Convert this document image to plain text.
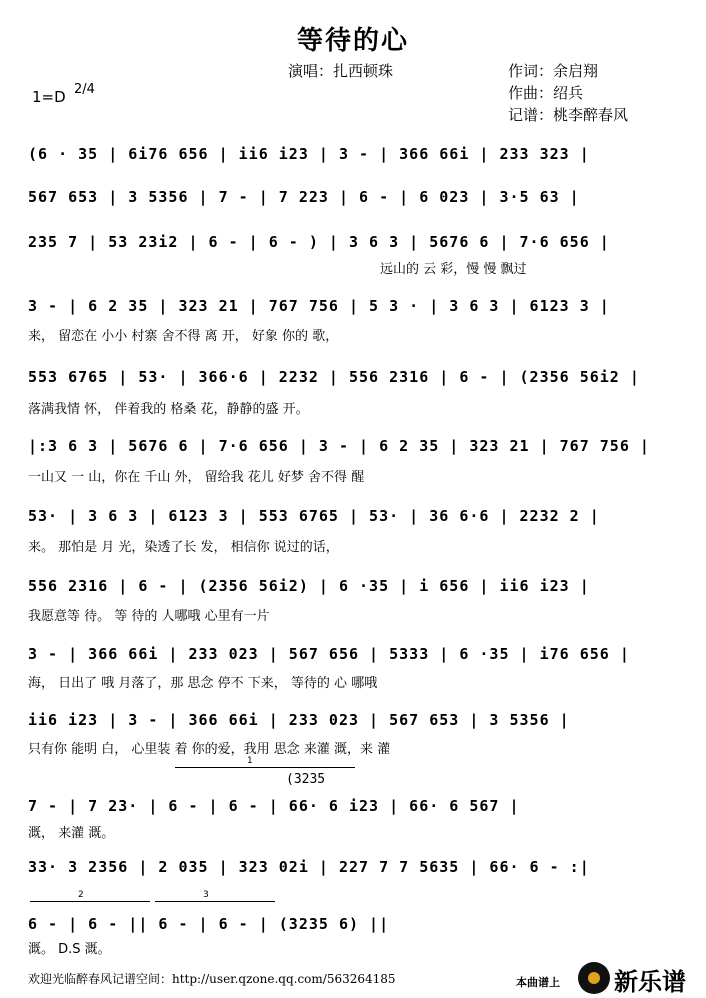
等待的心
演唱：扎西顿珠	作词：余启翔
作曲：绍兵
记谱：桃李醉春风
1=D 2/4
(6 · 35 | 6i76 656 | ii6 i23 | 3 - | 366 66i | 233 323 |
567 653 | 3 5356 | 7 - | 7 223 | 6 - | 6 023 | 3·5 63 |
235 7 | 53 23i2 | 6 - | 6 - ) | 3 6 3 | 5676 6 | 7·6 656 |
远山的 云 彩，慢 慢 飘过
3 - | 6 2 35 | 323 21 | 767 756 | 5 3 · | 3 6 3 | 6123 3 |
来， 留恋在 小小 村寨 舍不得 离 开， 好象 你的 歌，
553 6765 | 53· | 366·6 | 2232 | 556 2316 | 6 - | (2356 56i2 |
落满我情 怀， 伴着我的 格桑 花，静静的盛 开。
|:3 6 3 | 5676 6 | 7·6 656 | 3 - | 6 2 35 | 323 21 | 767 756 |
一山又 一 山，你在 千山 外， 留给我 花儿 好梦 舍不得 醒
53· | 3 6 3 | 6123 3 | 553 6765 | 53· | 36 6·6 | 2232 2 |
来。 那怕是 月 光，染透了长 发， 相信你 说过的话，
556 2316 | 6 - | (2356 56i2) | 6 ·35 | i 656 | ii6 i23 |
我愿意等 待。 等 待的 人哪哦 心里有一片
3 - | 366 66i | 233 023 | 567 656 | 5333 | 6 ·35 | i76 656 |
海， 日出了 哦 月落了，那 思念 停不 下来， 等待的 心 哪哦
ii6 i23 | 3 - | 366 66i | 233 023 | 567 653 | 3 5356 |
只有你 能明 白， 心里装 着 你的爱，我用 思念 来灌 溉，来 灌
1
(3235
7 - | 7 23· | 6 - | 6 - | 66· 6 i23 | 66· 6 567 |
溉， 来灌 溉。
33· 3 2356 | 2 035 | 323 02i | 227 7 7 5635 | 66· 6 - :|
2	3
6 - | 6 - || 6 - | 6 - | (3235 6) ||
溉。 D.S 溉。
欢迎光临醉春风记谱空间：http://user.qzone.qq.com/563264185	本曲谱上 新乐谱
